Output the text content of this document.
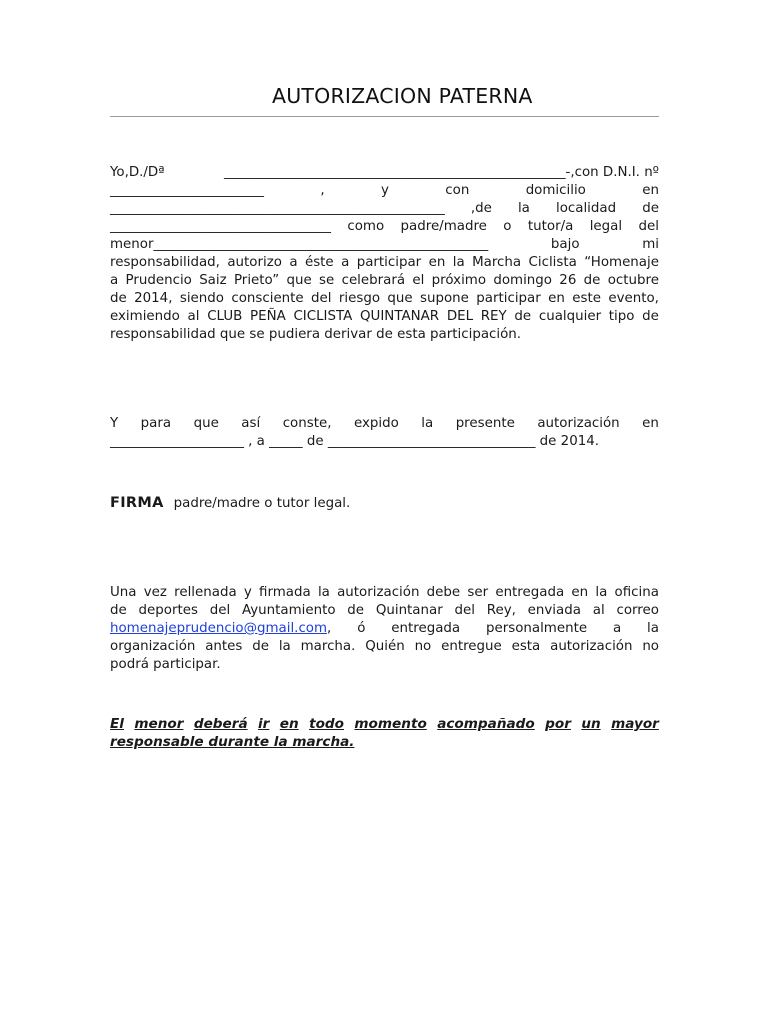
AUTORIZACION PATERNA
Yo,D./Dª	___________________________________________________-,con D.N.I. nº
_______________________	,	y	con	domicilio	en
__________________________________________________ ,de la localidad de
_________________________________ como padre/madre o tutor/a legal del
menor__________________________________________________	bajo	mi
responsabilidad, autorizo a éste a participar en la Marcha Ciclista “Homenaje
a Prudencio Saiz Prieto” que se celebrará el próximo domingo 26 de octubre
de 2014, siendo consciente del riesgo que supone participar en este evento,
eximiendo al CLUB PEÑA CICLISTA QUINTANAR DEL REY de cualquier tipo de
responsabilidad que se pudiera derivar de esta participación.
Y para que así conste, expido la presente autorización en
____________________ , a _____ de _______________________________ de 2014.
FIRMA padre/madre o tutor legal.
Una vez rellenada y firmada la autorización debe ser entregada en la oficina
de deportes del Ayuntamiento de Quintanar del Rey, enviada al correo
homenajeprudencio@gmail.com, ó entregada personalmente a la
organización antes de la marcha. Quién no entregue esta autorización no
podrá participar.
El menor deberá ir en todo momento acompañado por un mayor
responsable durante la marcha.
